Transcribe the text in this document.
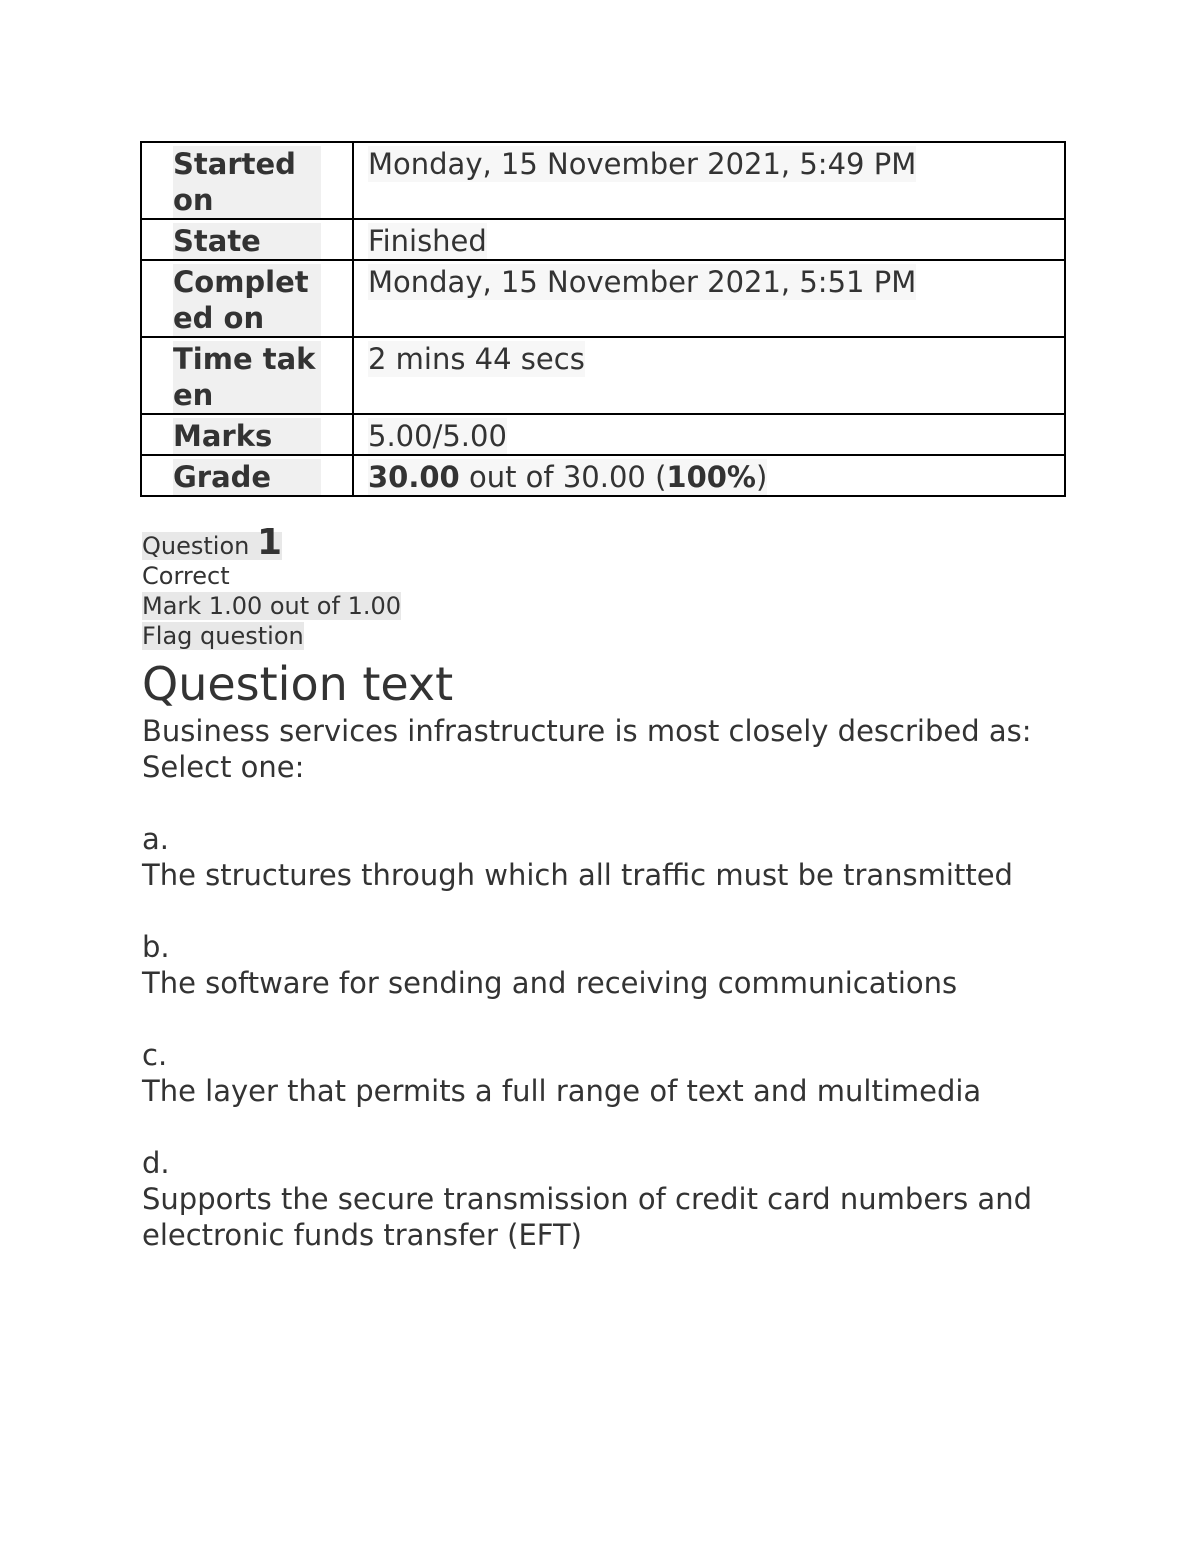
Started on	Monday, 15 November 2021, 5:49 PM
State	Finished
Completed on	Monday, 15 November 2021, 5:51 PM
Time taken	2 mins 44 secs
Marks	5.00/5.00
Grade	30.00 out of 30.00 (100%)
Question 1
Correct
Mark 1.00 out of 1.00
Flag question
Question text
Business services infrastructure is most closely described as:
Select one:
a.
The structures through which all traffic must be transmitted
b.
The software for sending and receiving communications
c.
The layer that permits a full range of text and multimedia
d.
Supports the secure transmission of credit card numbers and electronic funds transfer (EFT)
